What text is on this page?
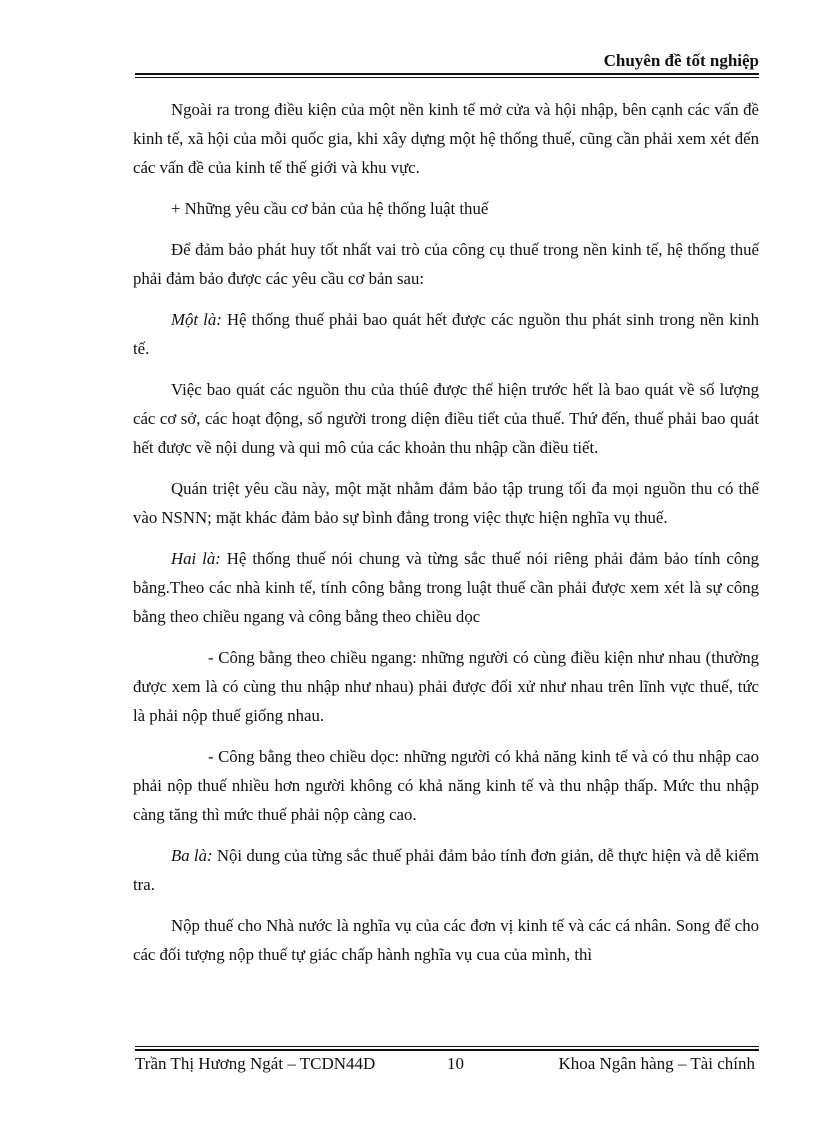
Chuyên đề tốt nghiệp

Ngoài ra trong điều kiện của một nền kinh tế mở cửa và hội nhập, bên cạnh các vấn đề kinh tế, xã hội của mỗi quốc gia, khi xây dựng một hệ thống thuế, cũng cần phải xem xét đến các vấn đề của kinh tế thế giới và khu vực.

+ Những yêu cầu cơ bản của hệ thống luật thuế

Để đảm bảo phát huy tốt nhất vai trò của công cụ thuế trong nền kinh tế, hệ thống thuế phải đảm bảo được các yêu cầu cơ bản sau:

Một là: Hệ thống thuế phải bao quát hết được các nguồn thu phát sinh trong nền kinh tế.

Việc bao quát các nguồn thu của thúê được thể hiện trước hết là bao quát về số lượng các cơ sở, các hoạt động, số người trong diện điều tiết của thuế. Thứ đến, thuế phải bao quát hết được về nội dung và qui mô của các khoản thu nhập cần điều tiết.

Quán triệt yêu cầu này, một mặt nhằm đảm bảo tập trung tối đa mọi nguồn thu có thể vào NSNN; mặt khác đảm bảo sự bình đẳng trong việc thực hiện nghĩa vụ thuế.

Hai là: Hệ thống thuế nói chung và từng sắc thuế nói riêng phải đảm bảo tính công bằng.Theo các nhà kinh tế, tính công bằng trong luật thuế cần phải được xem xét là sự công bằng theo chiều ngang và công bằng theo chiều dọc

- Công bằng theo chiều ngang: những người có cùng điều kiện như nhau (thường được xem là có cùng thu nhập như nhau) phải được đối xử như nhau trên lĩnh vực thuế, tức là phải nộp thuế giống nhau.

- Công bằng theo chiều dọc: những người có khả năng kinh tế và có thu nhập cao phải nộp thuế nhiều hơn người không có khả năng kinh tế và thu nhập thấp. Mức thu nhập càng tăng thì mức thuế phải nộp càng cao.

Ba là: Nội dung của từng sắc thuế phải đảm bảo tính đơn giản, dễ thực hiện và dễ kiểm tra.

Nộp thuế cho Nhà nước là nghĩa vụ của các đơn vị kinh tế và các cá nhân. Song để cho các đối tượng nộp thuế tự giác chấp hành nghĩa vụ cua của mình, thì

Trần Thị Hương Ngát – TCDN44D	10	Khoa Ngân hàng – Tài chính
